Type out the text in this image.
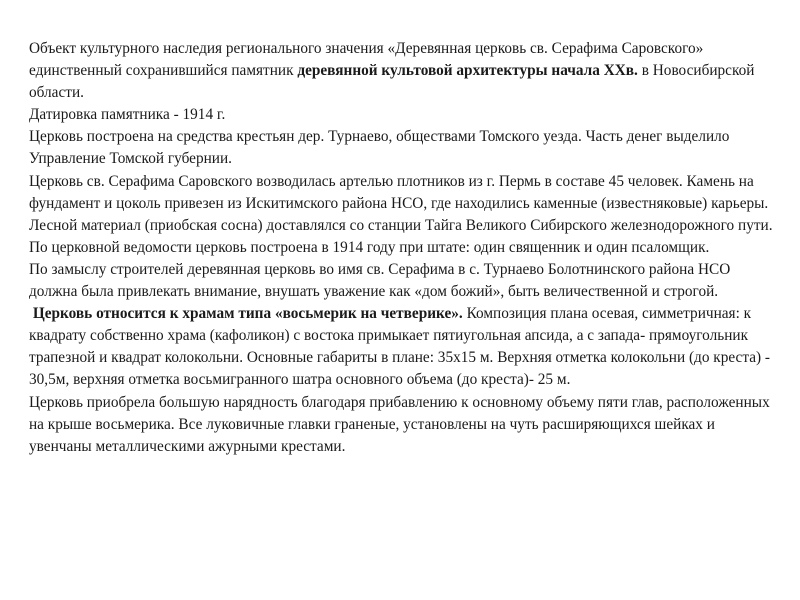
Объект культурного наследия регионального значения «Деревянная церковь св. Серафима Саровского» единственный сохранившийся памятник деревянной культовой архитектуры начала XXв. в Новосибирской области.

Датировка памятника - 1914 г.

Церковь построена на средства крестьян дер. Турнаево, обществами Томского уезда. Часть денег выделило Управление Томской губернии.

Церковь св. Серафима Саровского возводилась артелью плотников из г. Пермь в составе 45 человек. Камень на фундамент и цоколь привезен из Искитимского района НСО, где находились каменные (известняковые) карьеры. Лесной материал (приобская сосна) доставлялся со станции Тайга Великого Сибирского железнодорожного пути.

По церковной ведомости церковь построена в 1914 году при штате: один священник и один псаломщик.

По замыслу строителей деревянная церковь во имя св. Серафима в с. Турнаево Болотнинского района НСО должна была привлекать внимание, внушать уважение как «дом божий», быть величественной и строгой.

Церковь относится к храмам типа «восьмерик на четверике». Композиция плана осевая, симметричная: к квадрату собственно храма (кафоликон) с востока примыкает пятиугольная апсида, а с запада- прямоугольник трапезной и квадрат колокольни. Основные габариты в плане: 35х15 м. Верхняя отметка колокольни (до креста) - 30,5м, верхняя отметка восьмигранного шатра основного объема (до креста)- 25 м.

Церковь приобрела большую нарядность благодаря прибавлению к основному объему пяти глав, расположенных на крыше восьмерика. Все луковичные главки граненые, установлены на чуть расширяющихся шейках и увенчаны металлическими ажурными крестами.
